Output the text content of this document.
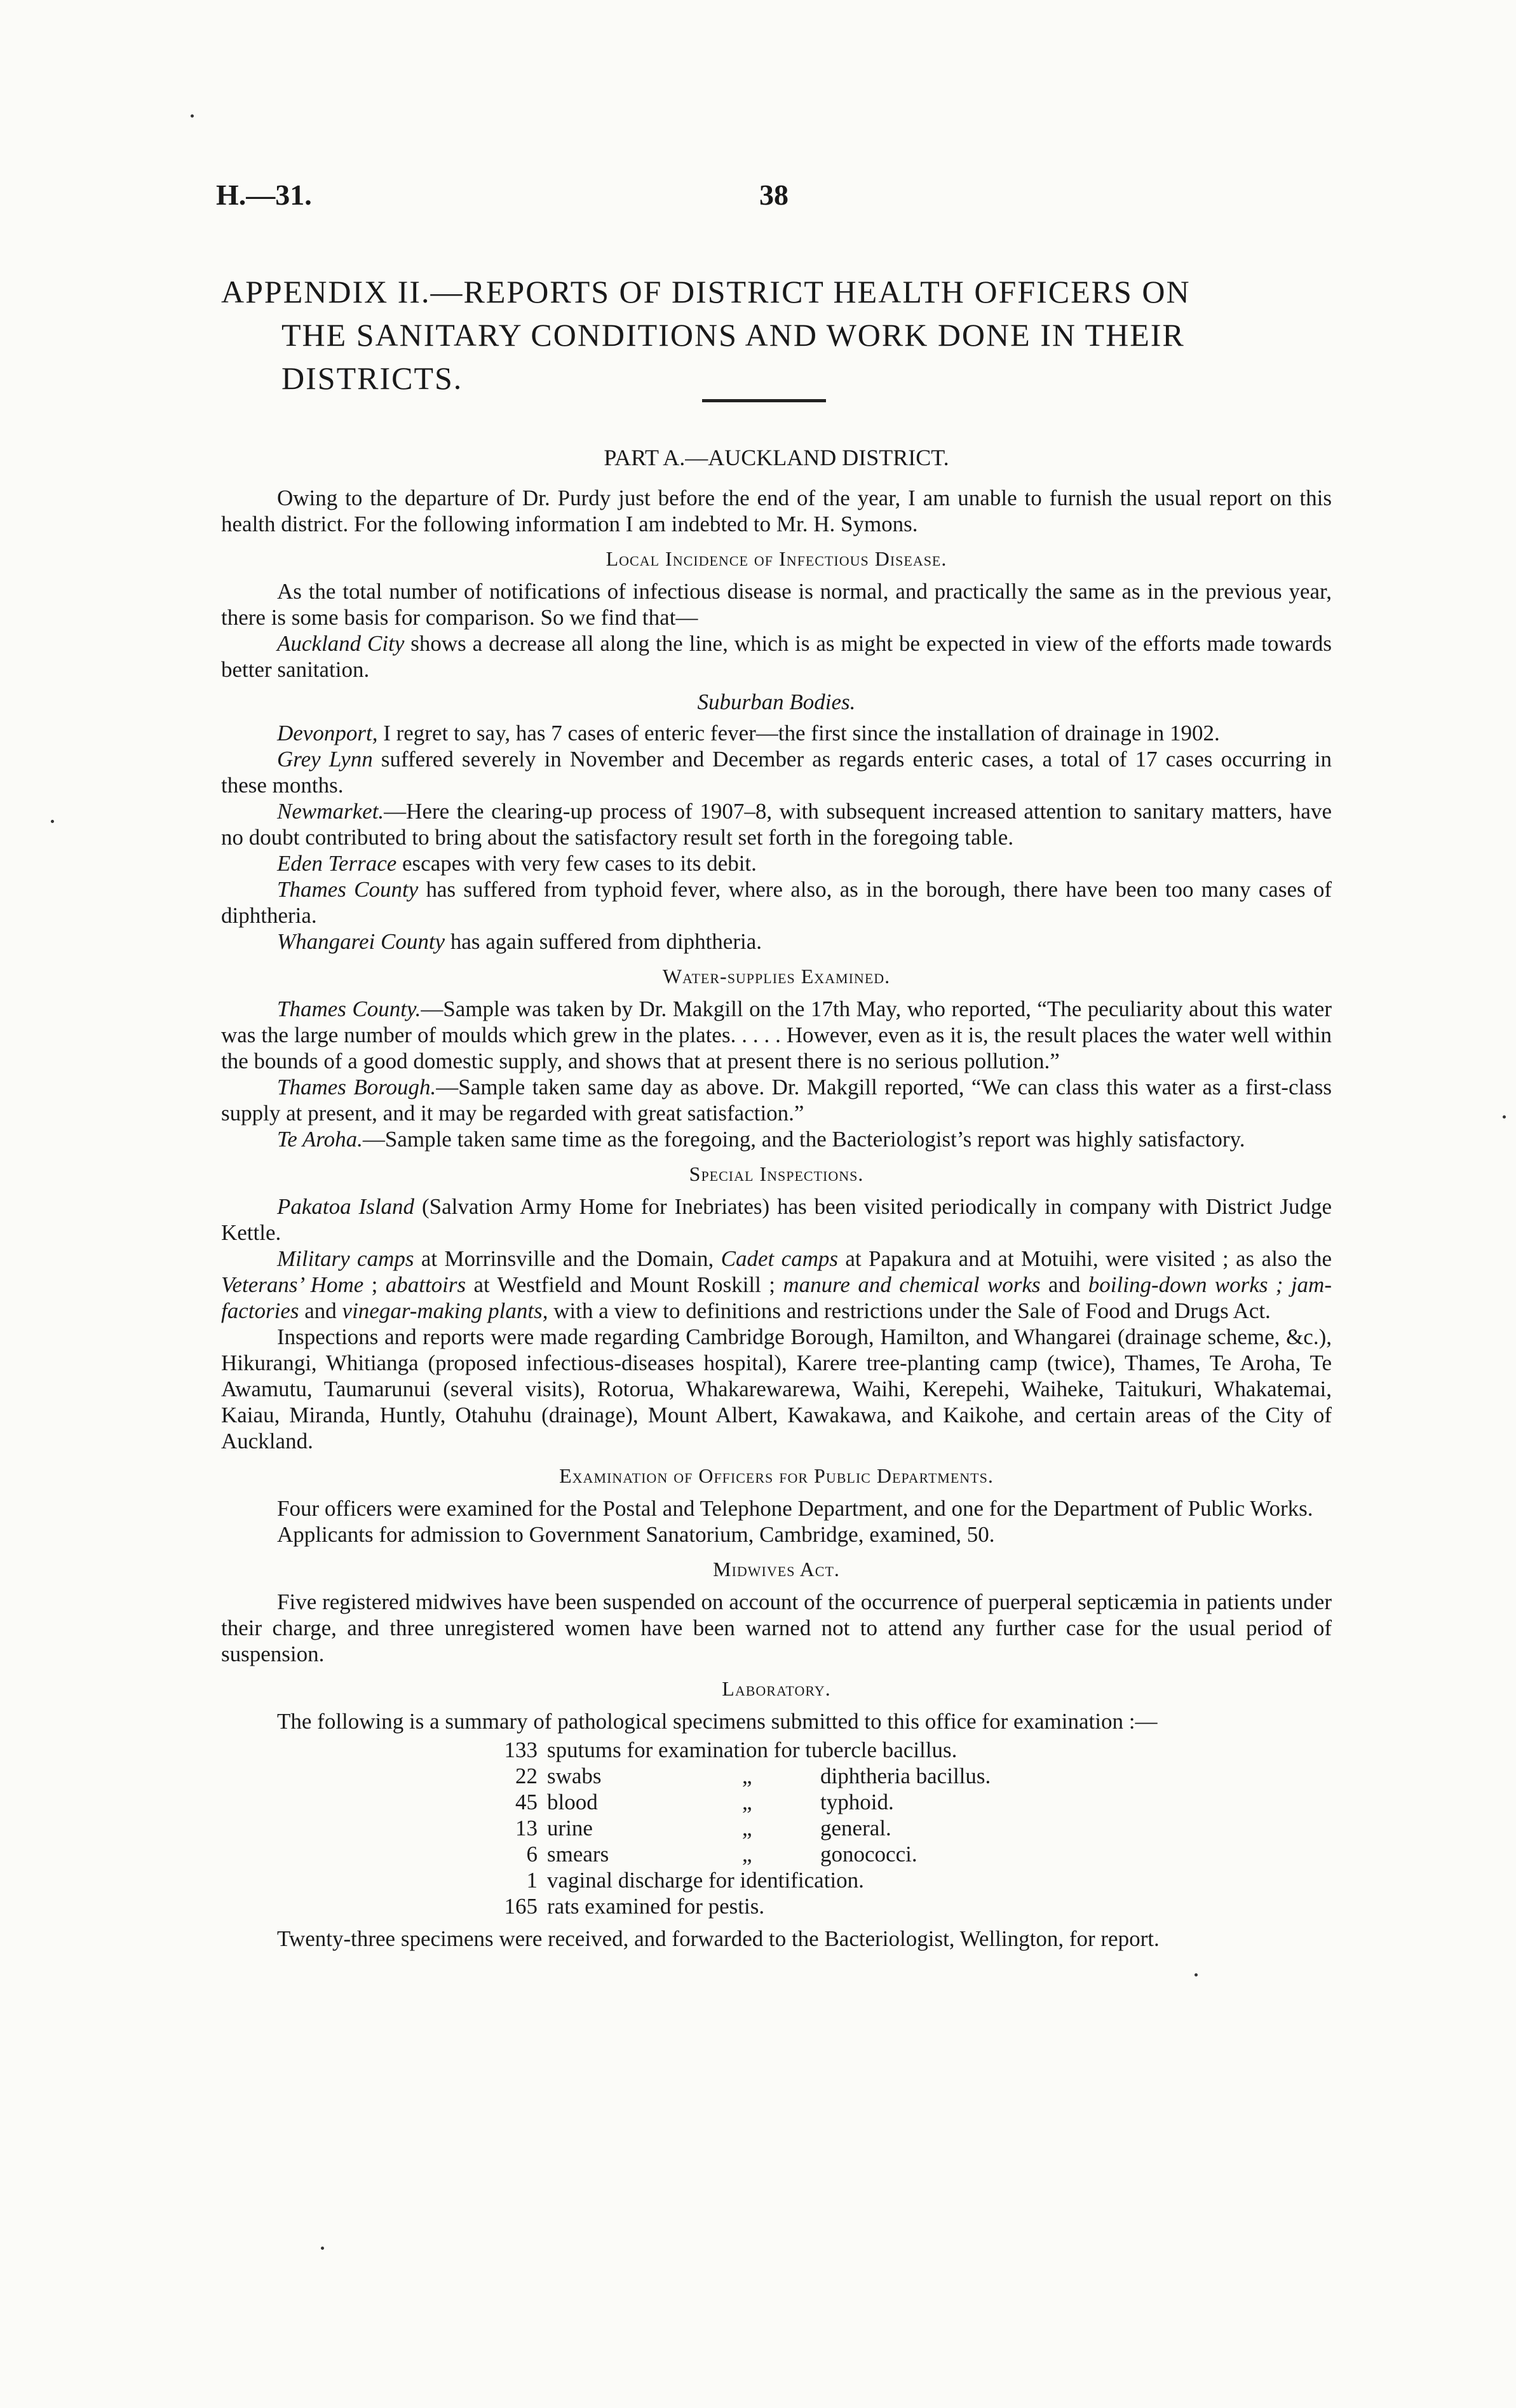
H.—31.	38
APPENDIX II.—REPORTS OF DISTRICT HEALTH OFFICERS ON
THE SANITARY CONDITIONS AND WORK DONE IN THEIR
DISTRICTS.
PART A.—AUCKLAND DISTRICT.

Owing to the departure of Dr. Purdy just before the end of the year, I am unable to furnish the usual report on this health district. For the following information I am indebted to Mr. H. Symons.

Local Incidence of Infectious Disease.

As the total number of notifications of infectious disease is normal, and practically the same as in the previous year, there is some basis for comparison. So we find that—

Auckland City shows a decrease all along the line, which is as might be expected in view of the efforts made towards better sanitation.

Suburban Bodies.

Devonport, I regret to say, has 7 cases of enteric fever—the first since the installation of drainage in 1902.

Grey Lynn suffered severely in November and December as regards enteric cases, a total of 17 cases occurring in these months.

Newmarket.—Here the clearing-up process of 1907–8, with subsequent increased attention to sanitary matters, have no doubt contributed to bring about the satisfactory result set forth in the foregoing table.

Eden Terrace escapes with very few cases to its debit.

Thames County has suffered from typhoid fever, where also, as in the borough, there have been too many cases of diphtheria.

Whangarei County has again suffered from diphtheria.

Water-supplies Examined.

Thames County.—Sample was taken by Dr. Makgill on the 17th May, who reported, “The peculiarity about this water was the large number of moulds which grew in the plates. . . . . However, even as it is, the result places the water well within the bounds of a good domestic supply, and shows that at present there is no serious pollution.”

Thames Borough.—Sample taken same day as above. Dr. Makgill reported, “We can class this water as a first-class supply at present, and it may be regarded with great satisfaction.”

Te Aroha.—Sample taken same time as the foregoing, and the Bacteriologist’s report was highly satisfactory.

Special Inspections.

Pakatoa Island (Salvation Army Home for Inebriates) has been visited periodically in company with District Judge Kettle.

Military camps at Morrinsville and the Domain, Cadet camps at Papakura and at Motuihi, were visited ; as also the Veterans’ Home ; abattoirs at Westfield and Mount Roskill ; manure and chemical works and boiling-down works ; jam-factories and vinegar-making plants, with a view to definitions and restrictions under the Sale of Food and Drugs Act.

Inspections and reports were made regarding Cambridge Borough, Hamilton, and Whangarei (drainage scheme, &c.), Hikurangi, Whitianga (proposed infectious-diseases hospital), Karere tree-planting camp (twice), Thames, Te Aroha, Te Awamutu, Taumarunui (several visits), Rotorua, Whakarewarewa, Waihi, Kerepehi, Waiheke, Taitukuri, Whakatemai, Kaiau, Miranda, Huntly, Otahuhu (drainage), Mount Albert, Kawakawa, and Kaikohe, and certain areas of the City of Auckland.

Examination of Officers for Public Departments.

Four officers were examined for the Postal and Telephone Department, and one for the Department of Public Works.

Applicants for admission to Government Sanatorium, Cambridge, examined, 50.

Midwives Act.

Five registered midwives have been suspended on account of the occurrence of puerperal septicæmia in patients under their charge, and three unregistered women have been warned not to attend any further case for the usual period of suspension.

Laboratory.

The following is a summary of pathological specimens submitted to this office for examination :—

133 sputums for examination for tubercle bacillus.
22 swabs	„	diphtheria bacillus.
45 blood	„	typhoid.
13 urine	„	general.
6 smears	„	gonococci.
1 vaginal discharge for identification.
165 rats examined for pestis.

Twenty-three specimens were received, and forwarded to the Bacteriologist, Wellington, for report.
